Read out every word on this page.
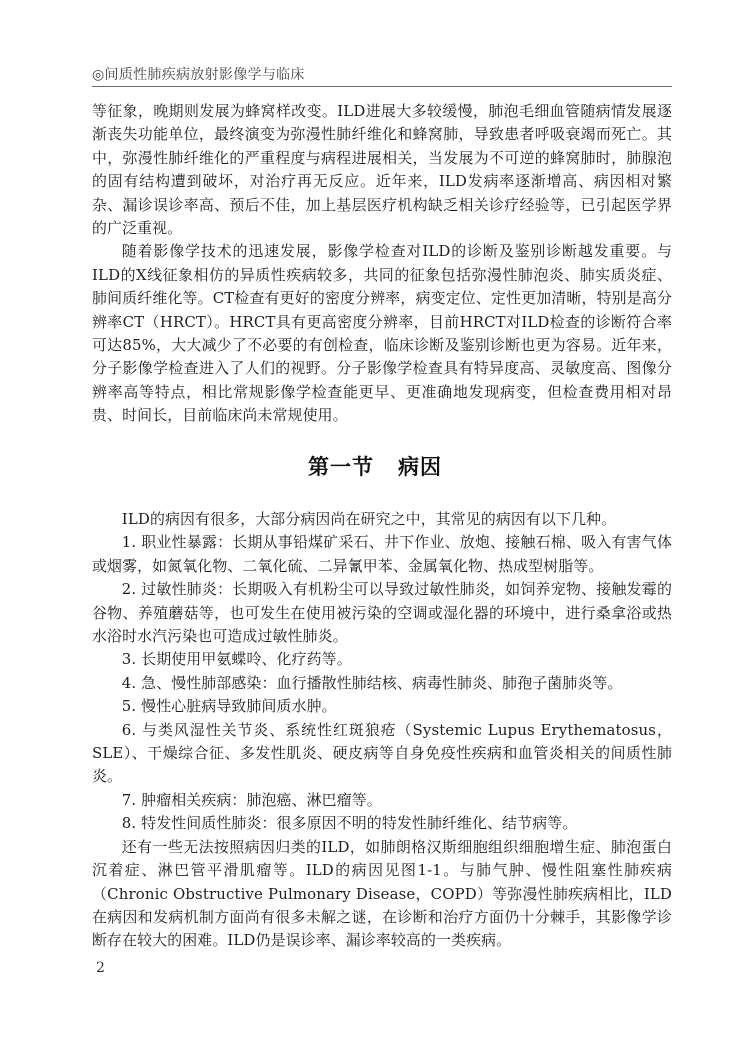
◎间质性肺疾病放射影像学与临床

等征象，晚期则发展为蜂窝样改变。ILD进展大多较缓慢，肺泡毛细血管随病情发展逐渐丧失功能单位，最终演变为弥漫性肺纤维化和蜂窝肺，导致患者呼吸衰竭而死亡。其中，弥漫性肺纤维化的严重程度与病程进展相关，当发展为不可逆的蜂窝肺时，肺腺泡的固有结构遭到破坏，对治疗再无反应。近年来，ILD发病率逐渐增高、病因相对繁杂、漏诊误诊率高、预后不佳，加上基层医疗机构缺乏相关诊疗经验等，已引起医学界的广泛重视。

随着影像学技术的迅速发展，影像学检查对ILD的诊断及鉴别诊断越发重要。与ILD的X线征象相仿的异质性疾病较多，共同的征象包括弥漫性肺泡炎、肺实质炎症、肺间质纤维化等。CT检查有更好的密度分辨率，病变定位、定性更加清晰，特别是高分辨率CT（HRCT）。HRCT具有更高密度分辨率，目前HRCT对ILD检查的诊断符合率可达85%，大大减少了不必要的有创检查，临床诊断及鉴别诊断也更为容易。近年来，分子影像学检查进入了人们的视野。分子影像学检查具有特异度高、灵敏度高、图像分辨率高等特点，相比常规影像学检查能更早、更准确地发现病变，但检查费用相对昂贵、时间长，目前临床尚未常规使用。

第一节 病因

ILD的病因有很多，大部分病因尚在研究之中，其常见的病因有以下几种。

1. 职业性暴露：长期从事铅煤矿采石、井下作业、放炮、接触石棉、吸入有害气体或烟雾，如氮氧化物、二氧化硫、二异氰甲苯、金属氧化物、热成型树脂等。

2. 过敏性肺炎：长期吸入有机粉尘可以导致过敏性肺炎，如饲养宠物、接触发霉的谷物、养殖蘑菇等，也可发生在使用被污染的空调或湿化器的环境中，进行桑拿浴或热水浴时水汽污染也可造成过敏性肺炎。

3. 长期使用甲氨蝶呤、化疗药等。

4. 急、慢性肺部感染：血行播散性肺结核、病毒性肺炎、肺孢子菌肺炎等。

5. 慢性心脏病导致肺间质水肿。

6. 与类风湿性关节炎、系统性红斑狼疮（Systemic Lupus Erythematosus，SLE）、干燥综合征、多发性肌炎、硬皮病等自身免疫性疾病和血管炎相关的间质性肺炎。

7. 肿瘤相关疾病：肺泡癌、淋巴瘤等。

8. 特发性间质性肺炎：很多原因不明的特发性肺纤维化、结节病等。

还有一些无法按照病因归类的ILD，如肺朗格汉斯细胞组织细胞增生症、肺泡蛋白沉着症、淋巴管平滑肌瘤等。ILD的病因见图1-1。与肺气肿、慢性阻塞性肺疾病（Chronic Obstructive Pulmonary Disease，COPD）等弥漫性肺疾病相比，ILD在病因和发病机制方面尚有很多未解之谜，在诊断和治疗方面仍十分棘手，其影像学诊断存在较大的困难。ILD仍是误诊率、漏诊率较高的一类疾病。

2
